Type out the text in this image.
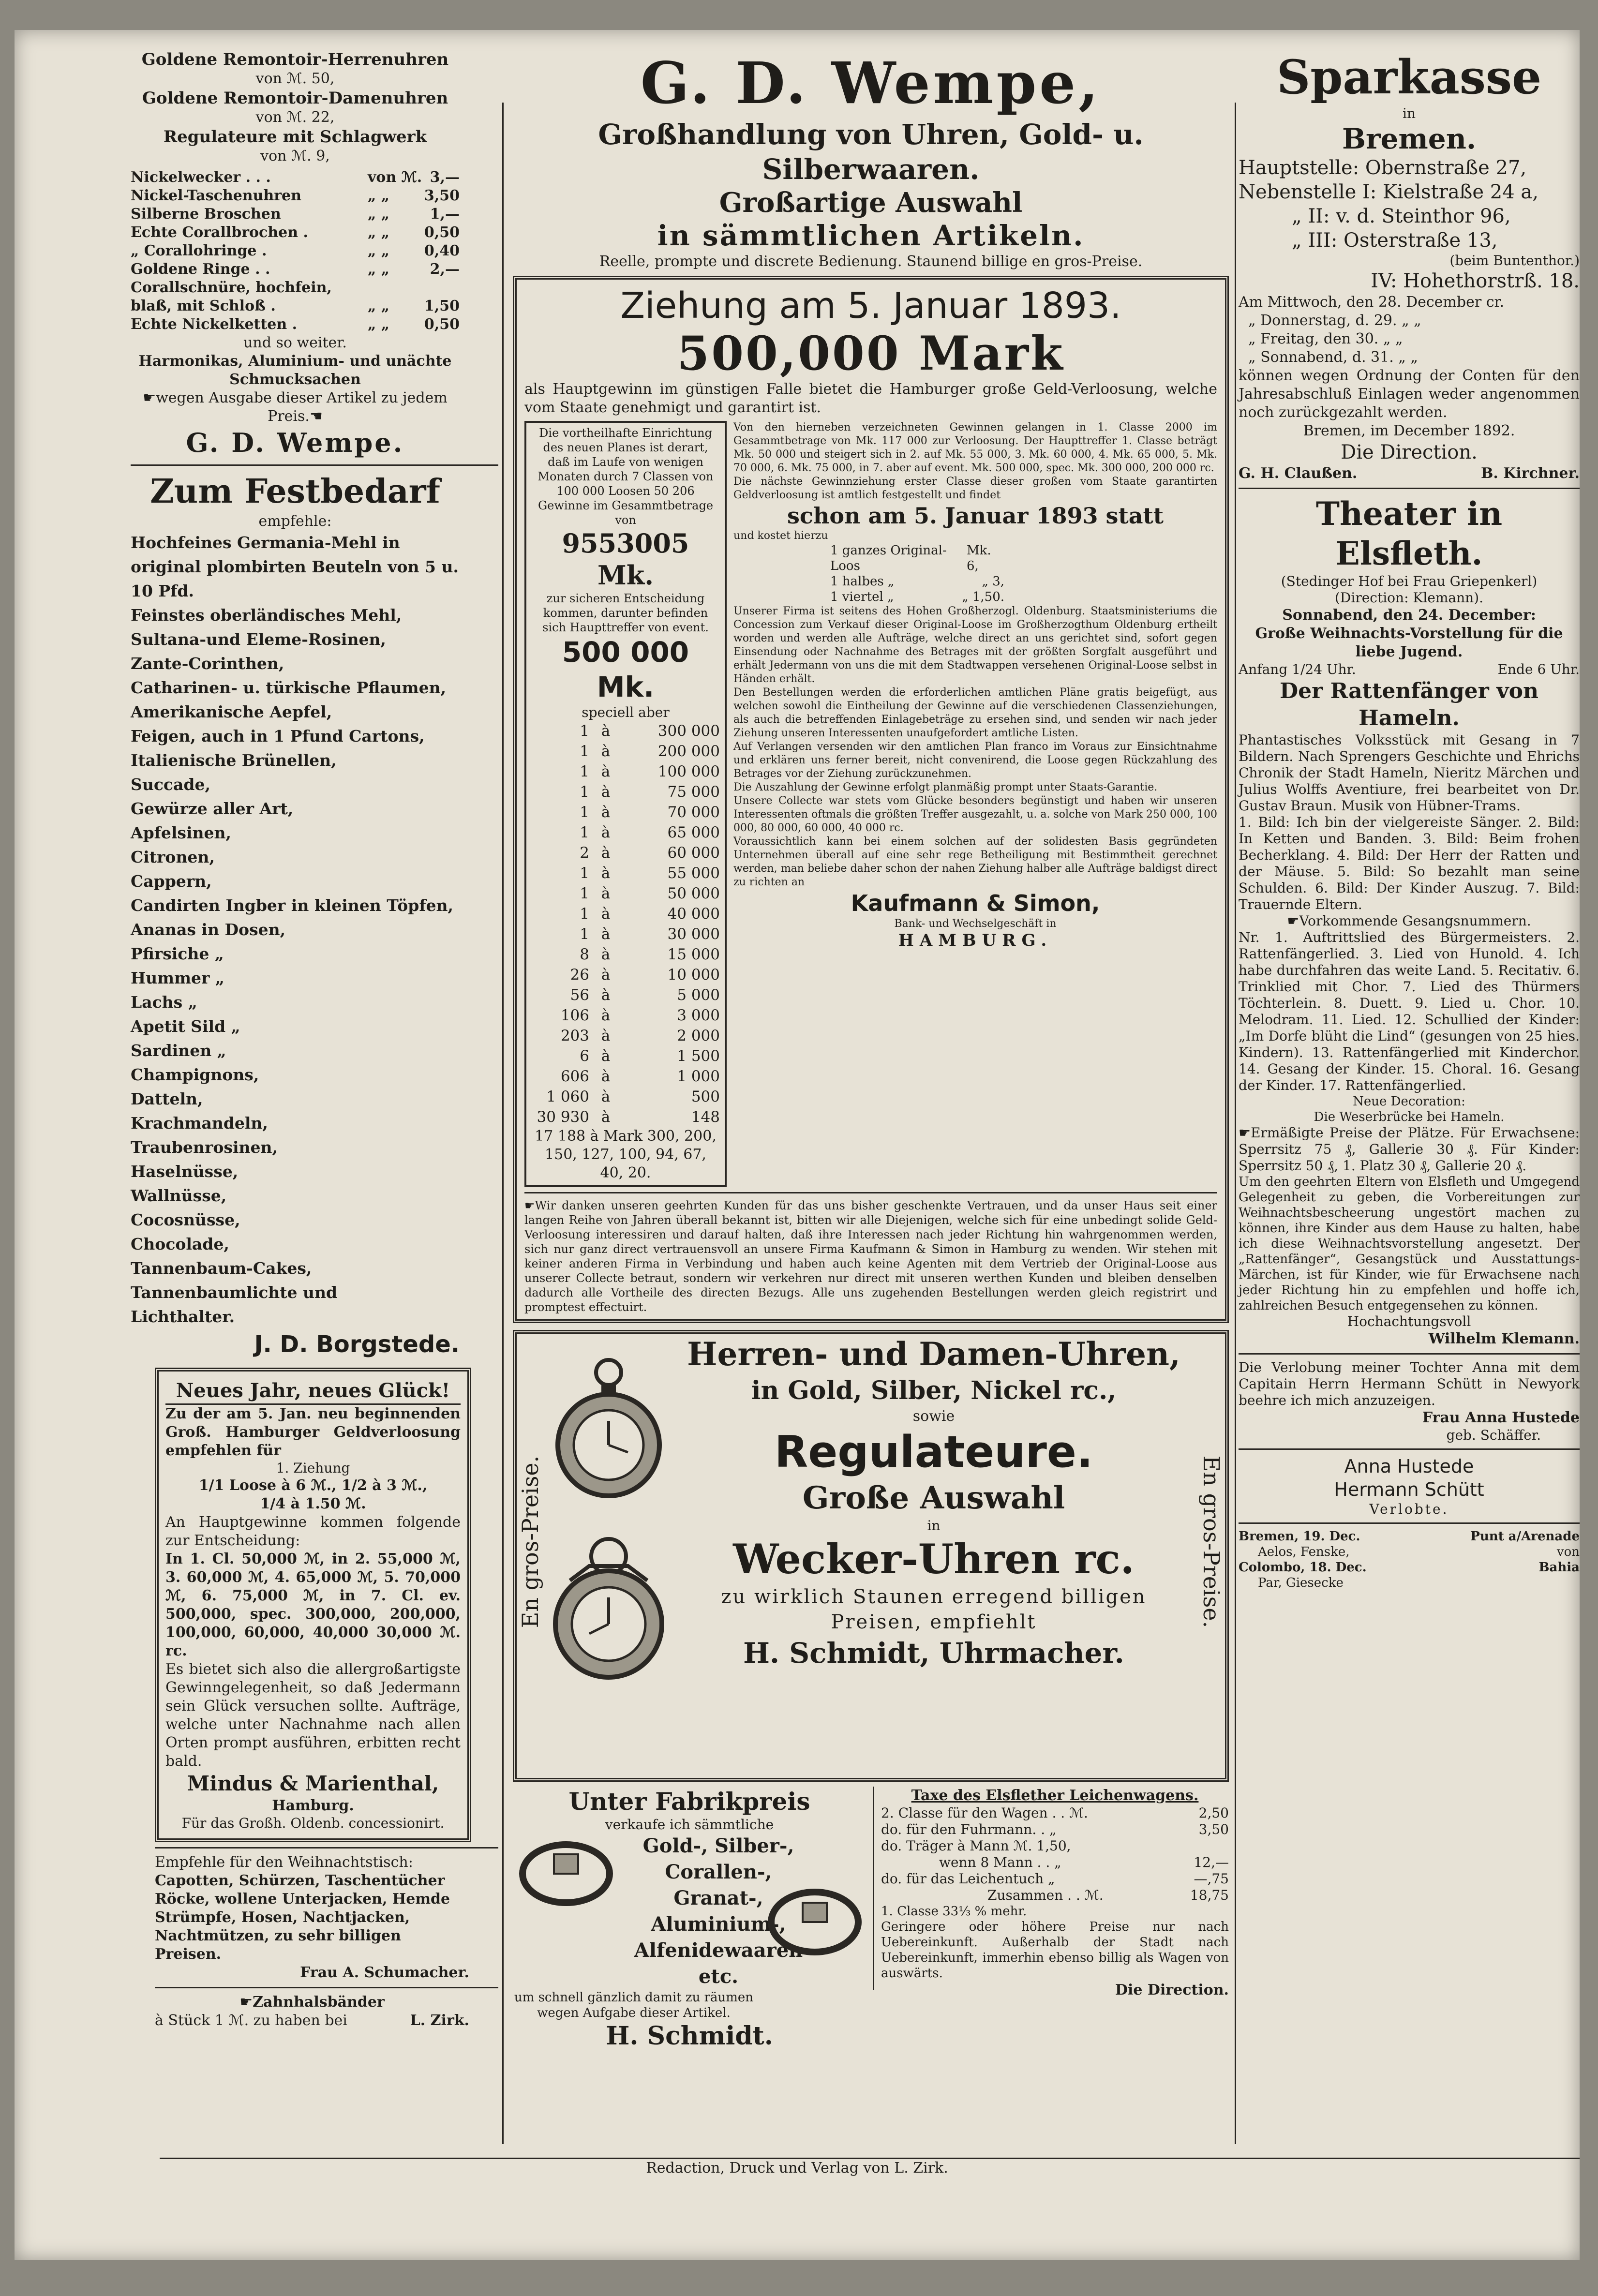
Goldene Remontoir-Herrenuhren
von ℳ. 50,
Goldene Remontoir-Damenuhren
von ℳ. 22,
Regulateure mit Schlagwerk
von ℳ. 9,
Nickelwecker . . .	von ℳ. 3,—
Nickel-Taschenuhren	„ „	3,50
Silberne Broschen	„ „	1,—
Echte Corallbrochen .	„ „	0,50
„ Corallohringe .	„ „	0,40
Goldene Ringe . .	„ „	2,—
Corallschnüre, hochfein,
blaß, mit Schloß .	„ „	1,50
Echte Nickelketten .	„ „	0,50
und so weiter.
Harmonikas, Aluminium- und unächte Schmucksachen
☛wegen Ausgabe dieser Artikel zu jedem Preis.☚
G. D. Wempe.
Zum Festbedarf
empfehle:
Hochfeines Germania-Mehl in original plombirten Beuteln von 5 u. 10 Pfd.
Feinstes oberländisches Mehl,
Sultana-und Eleme-Rosinen,
Zante-Corinthen,
Catharinen- u. türkische Pflaumen,
Amerikanische Aepfel,
Feigen, auch in 1 Pfund Cartons,
Italienische Brünellen,
Succade,
Gewürze aller Art,
Apfelsinen,
Citronen,
Cappern,
Candirten Ingber in kleinen Töpfen,
Ananas in Dosen,
Pfirsiche „
Hummer „
Lachs „
Apetit Sild „
Sardinen „
Champignons,
Datteln,
Krachmandeln,
Traubenrosinen,
Haselnüsse,
Wallnüsse,
Cocosnüsse,
Chocolade,
Tannenbaum-Cakes,
Tannenbaumlichte und
Lichthalter.
J. D. Borgstede.
Neues Jahr, neues Glück!
Zu der am 5. Jan. neu beginnenden Groß. Hamburger Geldverloosung empfehlen für
1. Ziehung
1/1 Loose à 6 ℳ., 1/2 à 3 ℳ.,
1/4 à 1.50 ℳ.
An Hauptgewinne kommen folgende zur Entscheidung:
In 1. Cl. 50,000 ℳ, in 2. 55,000 ℳ, 3. 60,000 ℳ, 4. 65,000 ℳ, 5. 70,000 ℳ, 6. 75,000 ℳ, in 7. Cl. ev. 500,000, spec. 300,000, 200,000, 100,000, 60,000, 40,000 30,000 ℳ. rc.
Es bietet sich also die allergroßartigste Gewinngelegenheit, so daß Jedermann sein Glück versuchen sollte. Aufträge, welche unter Nachnahme nach allen Orten prompt ausführen, erbitten recht bald.
Mindus & Marienthal,
Hamburg.
Für das Großh. Oldenb. concessionirt.
Empfehle für den Weihnachtstisch:
Capotten, Schürzen, Taschentücher
Röcke, wollene Unterjacken, Hemde
Strümpfe, Hosen, Nachtjacken,
Nachtmützen, zu sehr billigen Preisen.
Frau A. Schumacher.
☛Zahnhalsbänder
à Stück 1 ℳ. zu haben bei	L. Zirk.
G. D. Wempe,
Großhandlung von Uhren, Gold- u. Silberwaaren.
Großartige Auswahl
in sämmtlichen Artikeln.
Reelle, prompte und discrete Bedienung. Staunend billige en gros-Preise.
Ziehung am 5. Januar 1893.
500,000 Mark
als Hauptgewinn im günstigen Falle bietet die Hamburger große Geld-Verloosung, welche vom Staate genehmigt und garantirt ist.
Die vortheilhafte Einrichtung des neuen Planes ist derart, daß im Laufe von wenigen Monaten durch 7 Classen von 100 000 Loosen 50 206 Gewinne im Gesammtbetrage von
9553005 Mk.
zur sicheren Entscheidung kommen, darunter befinden sich Haupttreffer von event.
500 000 Mk.
speciell aber
1 à	300 000
1 à	200 000
1 à	100 000
1 à	75 000
1 à	70 000
1 à	65 000
2 à	60 000
1 à	55 000
1 à	50 000
1 à	40 000
1 à	30 000
8 à	15 000
26 à	10 000
56 à	5 000
106 à	3 000
203 à	2 000
6 à	1 500
606 à	1 000
1 060 à	500
30 930 à	148
17 188 à Mark 300, 200, 150, 127, 100, 94, 67, 40, 20.
Von den hierneben verzeichneten Gewinnen gelangen in 1. Classe 2000 im Gesammtbetrage von Mk. 117 000 zur Verloosung. Der Haupttreffer 1. Classe beträgt Mk. 50 000 und steigert sich in 2. auf Mk. 55 000, 3. Mk. 60 000, 4. Mk. 65 000, 5. Mk. 70 000, 6. Mk. 75 000, in 7. aber auf event. Mk. 500 000, spec. Mk. 300 000, 200 000 rc.
Die nächste Gewinnziehung erster Classe dieser großen vom Staate garantirten Geldverloosung ist amtlich festgestellt und findet
schon am 5. Januar 1893 statt
und kostet hierzu
1 ganzes Original-Loos
Mk. 6,
1 halbes „	„ 3,
1 viertel „	„ 1,50.
Unserer Firma ist seitens des Hohen Großherzogl. Oldenburg. Staatsministeriums die Concession zum Verkauf dieser Original-Loose im Großherzogthum Oldenburg ertheilt worden und werden alle Aufträge, welche direct an uns gerichtet sind, sofort gegen Einsendung oder Nachnahme des Betrages mit der größten Sorgfalt ausgeführt und erhält Jedermann von uns die mit dem Stadtwappen versehenen Original-Loose selbst in Händen erhält.
Den Bestellungen werden die erforderlichen amtlichen Pläne gratis beigefügt, aus welchen sowohl die Eintheilung der Gewinne auf die verschiedenen Classenziehungen, als auch die betreffenden Einlagebeträge zu ersehen sind, und senden wir nach jeder Ziehung unseren Interessenten unaufgefordert amtliche Listen.
Auf Verlangen versenden wir den amtlichen Plan franco im Voraus zur Einsichtnahme und erklären uns ferner bereit, nicht convenirend, die Loose gegen Rückzahlung des Betrages vor der Ziehung zurückzunehmen.
Die Auszahlung der Gewinne erfolgt planmäßig prompt unter Staats-Garantie.
Unsere Collecte war stets vom Glücke besonders begünstigt und haben wir unseren Interessenten oftmals die größten Treffer ausgezahlt, u. a. solche von Mark 250 000, 100 000, 80 000, 60 000, 40 000 rc.
Voraussichtlich kann bei einem solchen auf der solidesten Basis gegründeten Unternehmen überall auf eine sehr rege Betheiligung mit Bestimmtheit gerechnet werden, man beliebe daher schon der nahen Ziehung halber alle Aufträge baldigst direct zu richten an
Kaufmann & Simon,
Bank- und Wechselgeschäft in
HAMBURG.
☛Wir danken unseren geehrten Kunden für das uns bisher geschenkte Vertrauen, und da unser Haus seit einer langen Reihe von Jahren überall bekannt ist, bitten wir alle Diejenigen, welche sich für eine unbedingt solide Geld-Verloosung interessiren und darauf halten, daß ihre Interessen nach jeder Richtung hin wahrgenommen werden, sich nur ganz direct vertrauensvoll an unsere Firma Kaufmann & Simon in Hamburg zu wenden. Wir stehen mit keiner anderen Firma in Verbindung und haben auch keine Agenten mit dem Vertrieb der Original-Loose aus unserer Collecte betraut, sondern wir verkehren nur direct mit unseren werthen Kunden und bleiben denselben dadurch alle Vortheile des directen Bezugs. Alle uns zugehenden Bestellungen werden gleich registrirt und promptest effectuirt.
Herren- und Damen-Uhren,
in Gold, Silber, Nickel rc.,
sowie
Regulateure.
Große Auswahl
in
Wecker-Uhren rc.
zu wirklich Staunen erregend billigen Preisen, empfiehlt
H. Schmidt, Uhrmacher.
En gros-Preise.
En gros-Preise.
Unter Fabrikpreis
verkaufe ich sämmtliche
Gold-, Silber-, Corallen-, Granat-, Aluminium-, Alfenidewaaren etc.
um schnell gänzlich damit zu räumen wegen Aufgabe dieser Artikel.
H. Schmidt.
Taxe des Elsflether Leichenwagens.
2. Classe für den Wagen . . ℳ.	2,50
do. für den Fuhrmann. . „	3,50
do. Träger à Mann ℳ. 1,50,
wenn 8 Mann . . „	12,—
do. für das Leichentuch „	—,75
Zusammen . . ℳ.	18,75
1. Classe 33⅓ % mehr.
Geringere oder höhere Preise nur nach Uebereinkunft. Außerhalb der Stadt nach Uebereinkunft, immerhin ebenso billig als Wagen von auswärts.
Die Direction.
Sparkasse
in
Bremen.
Hauptstelle: Obernstraße 27,
Nebenstelle I: Kielstraße 24 a,
„ II: v. d. Steinthor 96,
„ III: Osterstraße 13,
(beim Buntenthor.)
IV: Hohethorstrß. 18.
Am Mittwoch, den 28. December cr.
„ Donnerstag, d. 29. „ „
„ Freitag, den 30. „ „
„ Sonnabend, d. 31. „ „
können wegen Ordnung der Conten für den Jahresabschluß Einlagen weder angenommen noch zurückgezahlt werden.
Bremen, im December 1892.
Die Direction.
G. H. Claußen.	B. Kirchner.
Theater in Elsfleth.
(Stedinger Hof bei Frau Griepenkerl)
(Direction: Klemann).
Sonnabend, den 24. December:
Große Weihnachts-Vorstellung für die liebe Jugend.
Anfang 1/24 Uhr.	Ende 6 Uhr.
Der Rattenfänger von Hameln.
Phantastisches Volksstück mit Gesang in 7 Bildern. Nach Sprengers Geschichte und Ehrichs Chronik der Stadt Hameln, Nieritz Märchen und Julius Wolffs Aventiure, frei bearbeitet von Dr. Gustav Braun. Musik von Hübner-Trams.
1. Bild: Ich bin der vielgereiste Sänger. 2. Bild: In Ketten und Banden. 3. Bild: Beim frohen Becherklang. 4. Bild: Der Herr der Ratten und der Mäuse. 5. Bild: So bezahlt man seine Schulden. 6. Bild: Der Kinder Auszug. 7. Bild: Trauernde Eltern.
☛Vorkommende Gesangsnummern.
Nr. 1. Auftrittslied des Bürgermeisters. 2. Rattenfängerlied. 3. Lied von Hunold. 4. Ich habe durchfahren das weite Land. 5. Recitativ. 6. Trinklied mit Chor. 7. Lied des Thürmers Töchterlein. 8. Duett. 9. Lied u. Chor. 10. Melodram. 11. Lied. 12. Schullied der Kinder: „Im Dorfe blüht die Lind“ (gesungen von 25 hies. Kindern). 13. Rattenfängerlied mit Kinderchor. 14. Gesang der Kinder. 15. Choral. 16. Gesang der Kinder. 17. Rattenfängerlied.
Neue Decoration:
Die Weserbrücke bei Hameln.
☛Ermäßigte Preise der Plätze. Für Erwachsene: Sperrsitz 75 ₰, Gallerie 30 ₰. Für Kinder: Sperrsitz 50 ₰, 1. Platz 30 ₰, Gallerie 20 ₰.
Um den geehrten Eltern von Elsfleth und Umgegend Gelegenheit zu geben, die Vorbereitungen zur Weihnachtsbescheerung ungestört machen zu können, ihre Kinder aus dem Hause zu halten, habe ich diese Weihnachtsvorstellung angesetzt. Der „Rattenfänger“, Gesangstück und Ausstattungs-Märchen, ist für Kinder, wie für Erwachsene nach jeder Richtung hin zu empfehlen und hoffe ich, zahlreichen Besuch entgegensehen zu können.
Hochachtungsvoll
Wilhelm Klemann.
Die Verlobung meiner Tochter Anna mit dem Capitain Herrn Hermann Schütt in Newyork beehre ich mich anzuzeigen.
Frau Anna Hustede
geb. Schäffer.
Anna Hustede
Hermann Schütt
Verlobte.
Bremen, 19. Dec.	Punt a/Arenade
Aelos, Fenske,	von
Colombo, 18. Dec.	Bahia
Par, Giesecke
Redaction, Druck und Verlag von L. Zirk.
